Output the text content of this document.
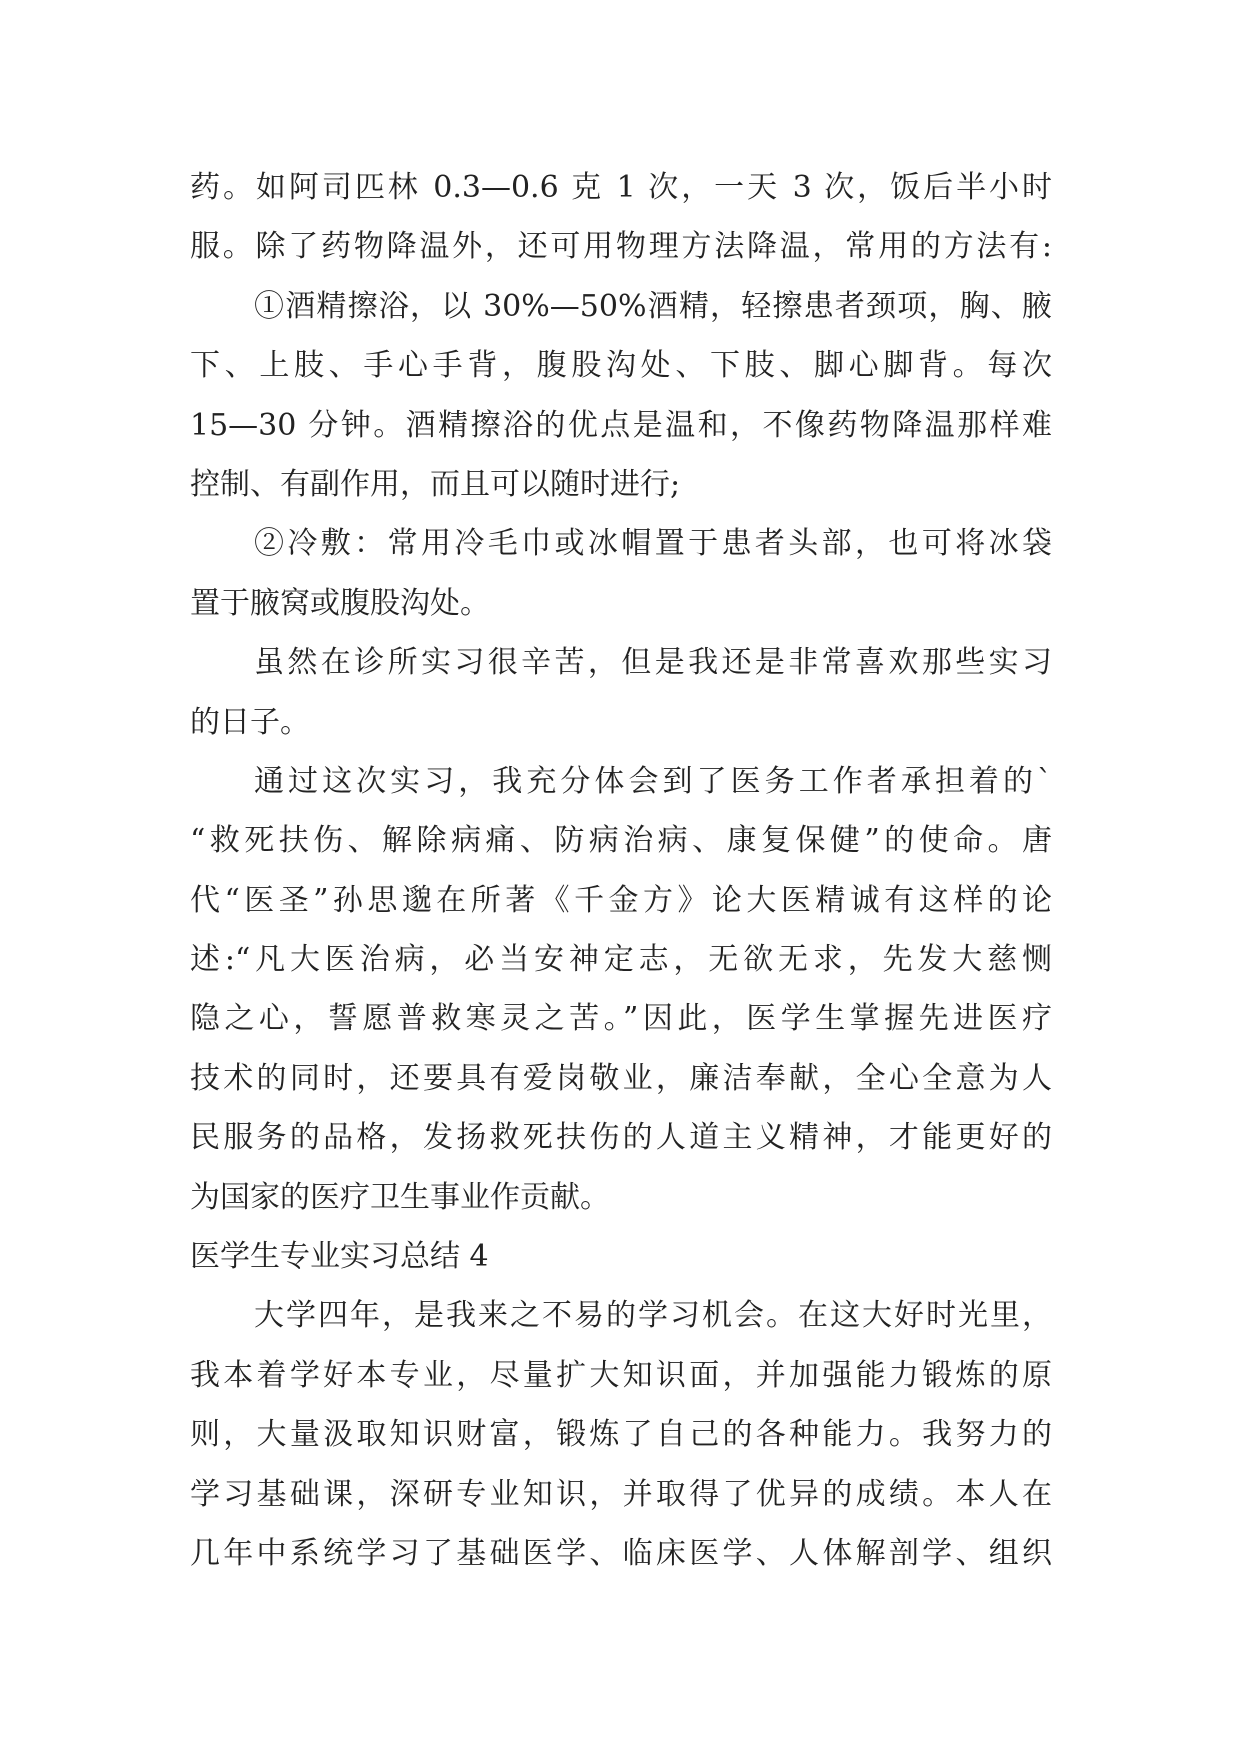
药。如阿司匹林 0.3—0.6 克 1 次，一天 3 次，饭后半小时
服。除了药物降温外，还可用物理方法降温，常用的方法有:
①酒精擦浴，以 30%—50%酒精，轻擦患者颈项，胸、腋
下、上肢、手心手背，腹股沟处、下肢、脚心脚背。每次
15—30 分钟。酒精擦浴的优点是温和，不像药物降温那样难
控制、有副作用，而且可以随时进行;
②冷敷：常用冷毛巾或冰帽置于患者头部，也可将冰袋
置于腋窝或腹股沟处。
虽然在诊所实习很辛苦，但是我还是非常喜欢那些实习
的日子。
通过这次实习，我充分体会到了医务工作者承担着的`
“救死扶伤、解除病痛、防病治病、康复保健”的使命。唐
代“医圣”孙思邈在所著《千金方》论大医精诚有这样的论
述:“凡大医治病，必当安神定志，无欲无求，先发大慈恻
隐之心，誓愿普救寒灵之苦。”因此，医学生掌握先进医疗
技术的同时，还要具有爱岗敬业，廉洁奉献，全心全意为人
民服务的品格，发扬救死扶伤的人道主义精神，才能更好的
为国家的医疗卫生事业作贡献。
医学生专业实习总结 4
大学四年，是我来之不易的学习机会。在这大好时光里，
我本着学好本专业，尽量扩大知识面，并加强能力锻炼的原
则，大量汲取知识财富，锻炼了自己的各种能力。我努力的
学习基础课，深研专业知识，并取得了优异的成绩。本人在
几年中系统学习了基础医学、临床医学、人体解剖学、组织
